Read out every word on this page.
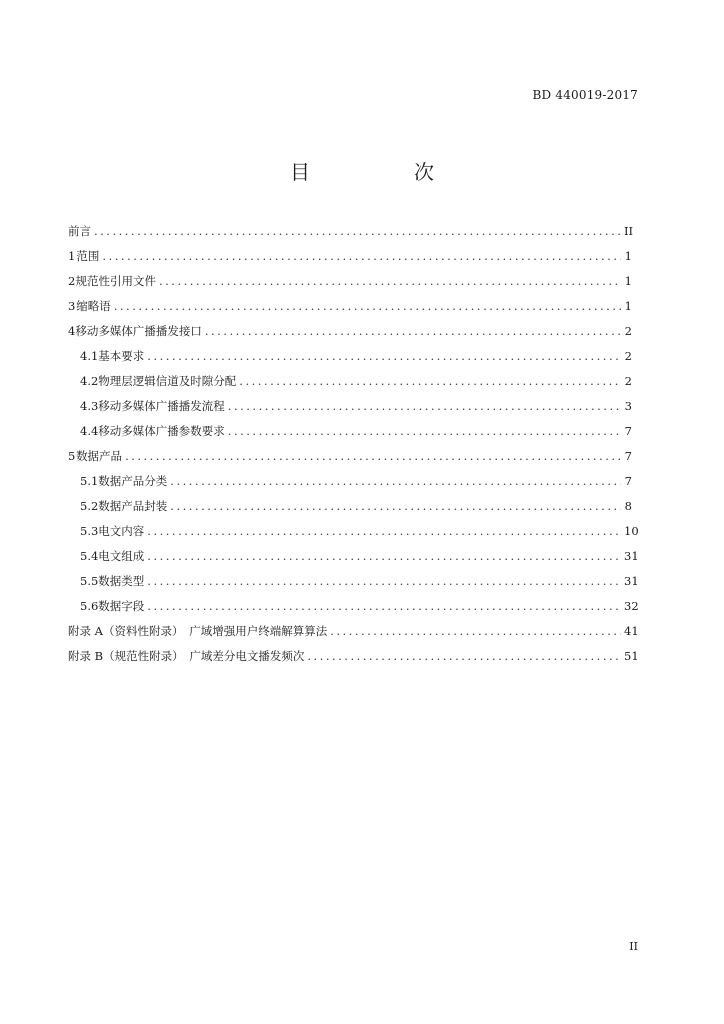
BD 440019-2017
目　次
前言 .....	II
1 范围 .....	1
2 规范性引用文件 .....	1
3 缩略语 .....	1
4 移动多媒体广播播发接口 .....	2
4.1 基本要求 .....	2
4.2 物理层逻辑信道及时隙分配 .....	2
4.3 移动多媒体广播播发流程 .....	3
4.4 移动多媒体广播参数要求 .....	7
5 数据产品 .....	7
5.1 数据产品分类 .....	7
5.2 数据产品封装 .....	8
5.3 电文内容 .....	10
5.4 电文组成 .....	31
5.5 数据类型 .....	31
5.6 数据字段 .....	32
附录 A（资料性附录）　广域增强用户终端解算算法 .....	41
附录 B（规范性附录）　广域差分电文播发频次 .....	51
II
